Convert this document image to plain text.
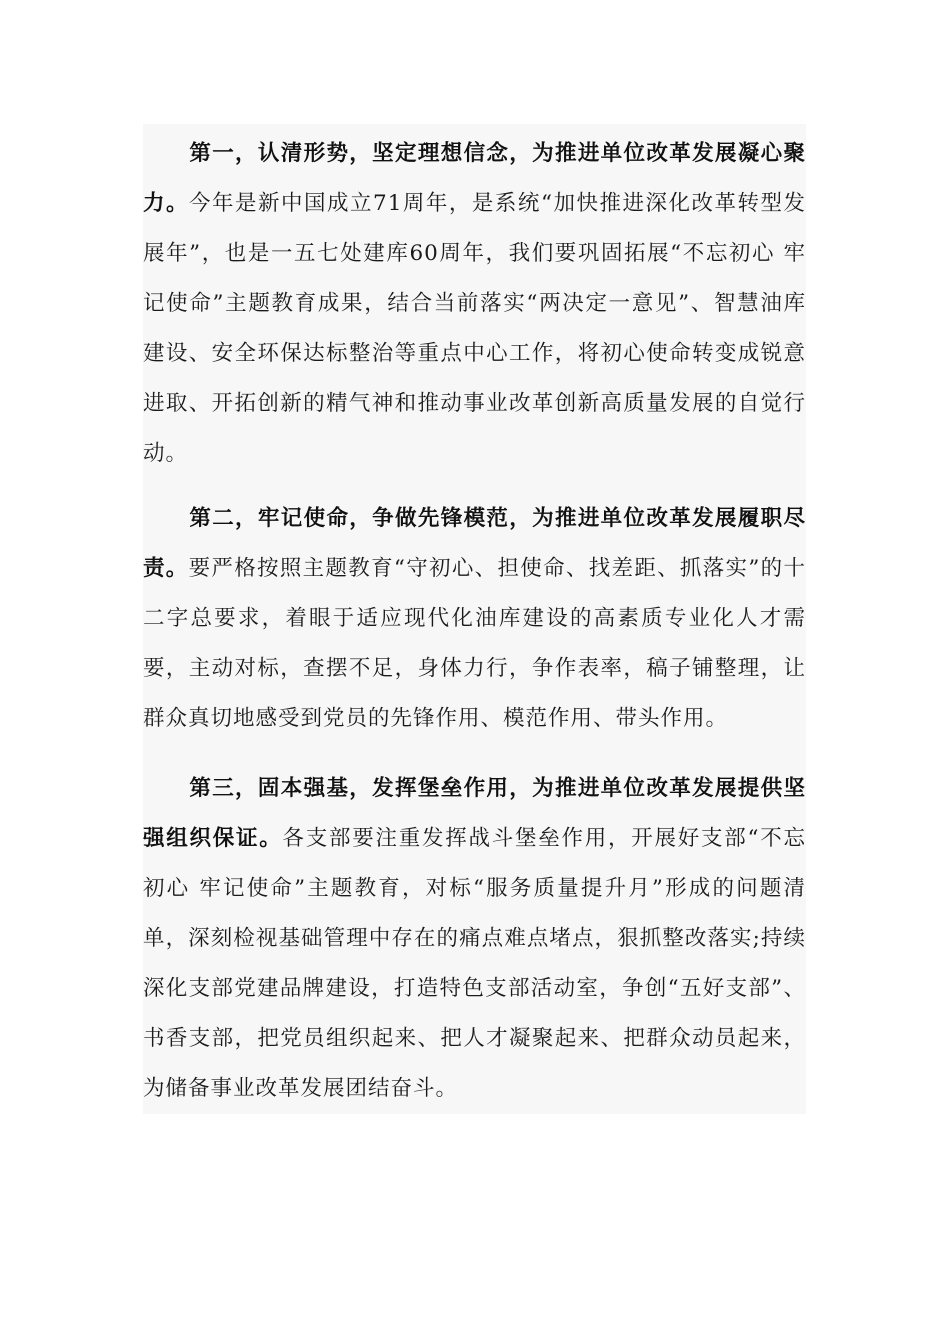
第一，认清形势，坚定理想信念，为推进单位改革发展凝心聚力。今年是新中国成立71周年，是系统“加快推进深化改革转型发展年”，也是一五七处建库60周年，我们要巩固拓展“不忘初心 牢记使命”主题教育成果，结合当前落实“两决定一意见”、智慧油库建设、安全环保达标整治等重点中心工作，将初心使命转变成锐意进取、开拓创新的精气神和推动事业改革创新高质量发展的自觉行动。

第二，牢记使命，争做先锋模范，为推进单位改革发展履职尽责。要严格按照主题教育“守初心、担使命、找差距、抓落实”的十二字总要求，着眼于适应现代化油库建设的高素质专业化人才需要，主动对标，查摆不足，身体力行，争作表率，稿子铺整理，让群众真切地感受到党员的先锋作用、模范作用、带头作用。

第三，固本强基，发挥堡垒作用，为推进单位改革发展提供坚强组织保证。各支部要注重发挥战斗堡垒作用，开展好支部“不忘初心 牢记使命”主题教育，对标“服务质量提升月”形成的问题清单，深刻检视基础管理中存在的痛点难点堵点，狠抓整改落实;持续深化支部党建品牌建设，打造特色支部活动室，争创“五好支部”、书香支部，把党员组织起来、把人才凝聚起来、把群众动员起来，为储备事业改革发展团结奋斗。
